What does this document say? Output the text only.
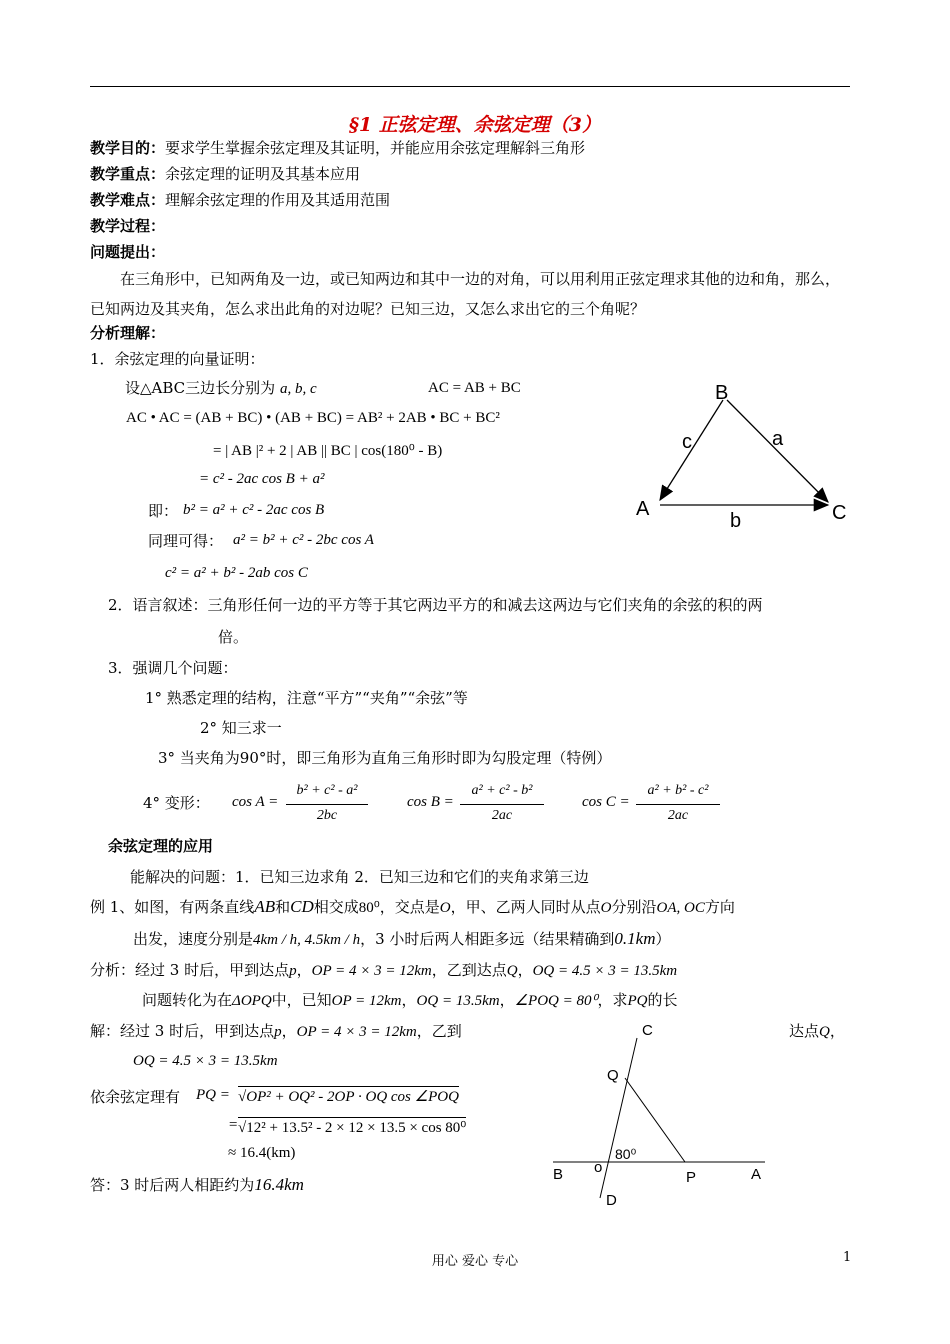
§1 正弦定理、余弦定理（3）
教学目的：要求学生掌握余弦定理及其证明，并能应用余弦定理解斜三角形
教学重点：余弦定理的证明及其基本应用
教学难点：理解余弦定理的作用及其适用范围
教学过程：
问题提出：
在三角形中，已知两角及一边，或已知两边和其中一边的对角，可以用利用正弦定理求其他的边和角，那么，已知两边及其夹角，怎么求出此角的对边呢？已知三边，又怎么求出它的三个角呢？
分析理解：
1．余弦定理的向量证明：
设△ABC三边长分别为 a, b, c	AC = AB + BC
AC • AC = (AB + BC) • (AB + BC) = AB² + 2AB • BC + BC²
= | AB |² + 2 | AB || BC | cos(180⁰ - B)
= c² - 2ac cos B + a²
即： b² = a² + c² - 2ac cos B
同理可得： a² = b² + c² - 2bc cos A
c² = a² + b² - 2ab cos C
B
A	C
c	a
b
2．语言叙述：三角形任何一边的平方等于其它两边平方的和减去这两边与它们夹角的余弦的积的两
倍。
3．强调几个问题：
1° 熟悉定理的结构，注意“平方”“夹角”“余弦”等
2° 知三求一
3° 当夹角为90°时，即三角形为直角三角形时即为勾股定理（特例）
4° 变形： cos A =
b² + c² - a²
2bc
cos B =
a² + c² - b²
2ac
cos C =
a² + b² - c²
2ac
余弦定理的应用
能解决的问题：1．已知三边求角 2．已知三边和它们的夹角求第三边
例 1、如图，有两条直线AB和CD相交成80⁰，交点是O，甲、乙两人同时从点O分别沿OA, OC方向
出发，速度分别是4km / h, 4.5km / h，3 小时后两人相距多远（结果精确到0.1km）
分析：经过 3 时后，甲到达点p，OP = 4 × 3 = 12km，乙到达点Q，OQ = 4.5 × 3 = 13.5km
问题转化为在ΔOPQ中，已知OP = 12km，OQ = 13.5km，∠POQ = 80⁰，求PQ的长
解：经过 3 时后，甲到达点p，OP = 4 × 3 = 12km，乙到	达点Q，
OQ = 4.5 × 3 = 13.5km
依余弦定理有 PQ = √OP² + OQ² - 2OP · OQ cos ∠POQ
= √12² + 13.5² - 2 × 12 × 13.5 × cos 80⁰
≈ 16.4(km)
答：3 时后两人相距约为16.4km
C
Q
80⁰
B o
P	A
D
用心 爱心 专心	1
